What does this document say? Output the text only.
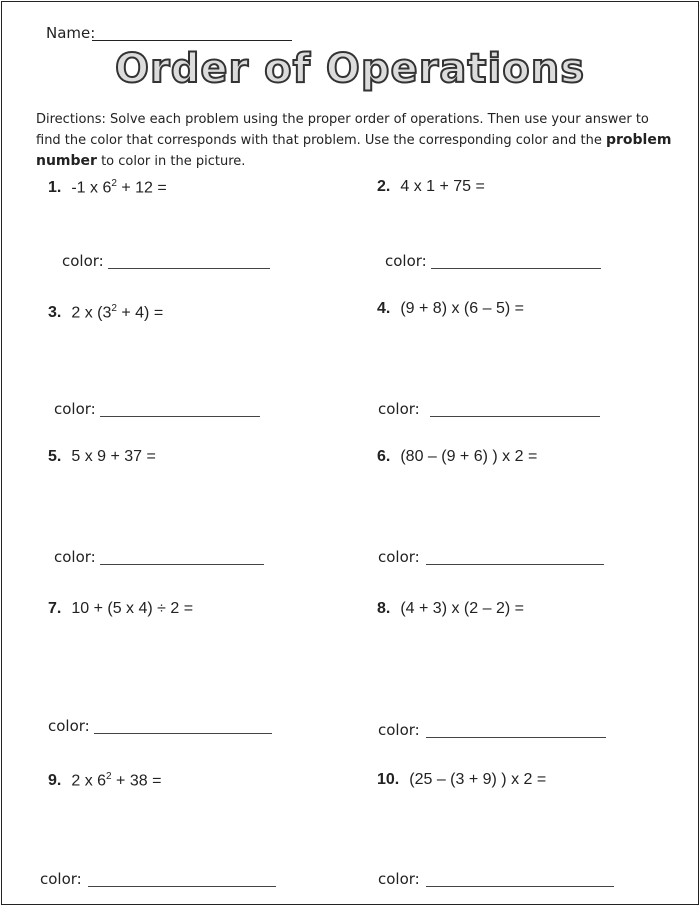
Name:
Order of Operations
Directions: Solve each problem using the proper order of operations. Then use your answer to find the color that corresponds with that problem. Use the corresponding color and the problem number to color in the picture.
1. -1 x $6^2 + 12$ =	2. 4 x 1 + 75 =
color:	color:
3. 2 x $(3^2 + 4)$ =	4. (9 + 8) x (6 – 5) =
color:	color:
5. 5 x 9 + 37 =	6. (80 – (9 + 6) ) x 2 =
color:	color:
7. 10 + (5 x 4) ÷ 2 =	8. (4 + 3) x (2 – 2) =
color:	color:
9. 2 x $6^2 + 38$ =	10. (25 – (3 + 9) ) x 2 =
color:	color:
